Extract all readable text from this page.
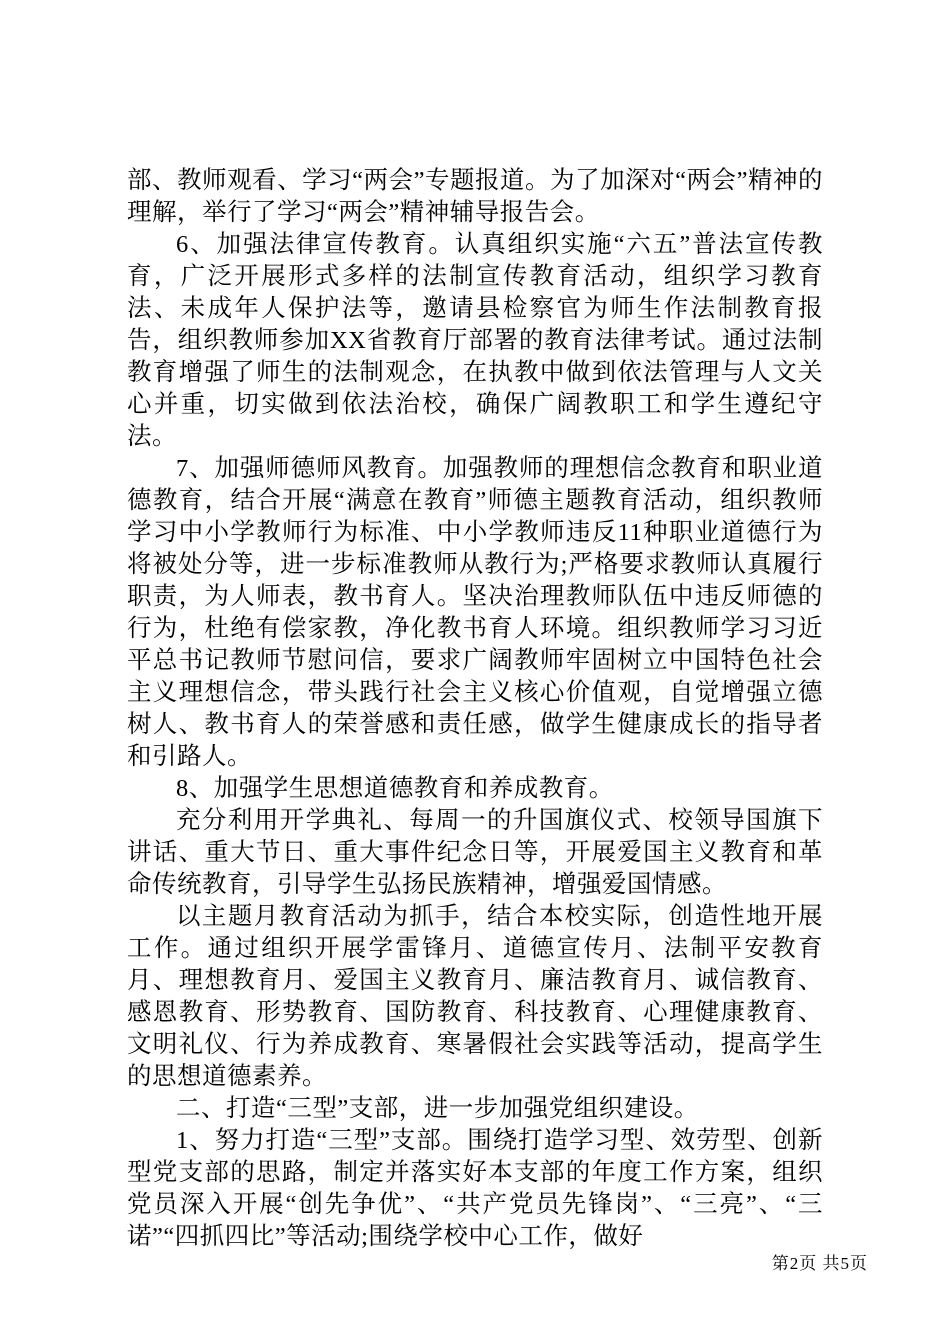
部、教师观看、学习“两会”专题报道。为了加深对“两会”精神的理解，举行了学习“两会”精神辅导报告会。

6、加强法律宣传教育。认真组织实施“六五”普法宣传教育，广泛开展形式多样的法制宣传教育活动，组织学习教育法、未成年人保护法等，邀请县检察官为师生作法制教育报告，组织教师参加XX省教育厅部署的教育法律考试。通过法制教育增强了师生的法制观念，在执教中做到依法管理与人文关心并重，切实做到依法治校，确保广阔教职工和学生遵纪守法。

7、加强师德师风教育。加强教师的理想信念教育和职业道德教育，结合开展“满意在教育”师德主题教育活动，组织教师学习中小学教师行为标准、中小学教师违反11种职业道德行为将被处分等，进一步标准教师从教行为;严格要求教师认真履行职责，为人师表，教书育人。坚决治理教师队伍中违反师德的行为，杜绝有偿家教，净化教书育人环境。组织教师学习习近平总书记教师节慰问信，要求广阔教师牢固树立中国特色社会主义理想信念，带头践行社会主义核心价值观，自觉增强立德树人、教书育人的荣誉感和责任感，做学生健康成长的指导者和引路人。

8、加强学生思想道德教育和养成教育。

充分利用开学典礼、每周一的升国旗仪式、校领导国旗下讲话、重大节日、重大事件纪念日等，开展爱国主义教育和革命传统教育，引导学生弘扬民族精神，增强爱国情感。

以主题月教育活动为抓手，结合本校实际，创造性地开展工作。通过组织开展学雷锋月、道德宣传月、法制平安教育月、理想教育月、爱国主义教育月、廉洁教育月、诚信教育、感恩教育、形势教育、国防教育、科技教育、心理健康教育、文明礼仪、行为养成教育、寒暑假社会实践等活动，提高学生的思想道德素养。

二、打造“三型”支部，进一步加强党组织建设。

1、努力打造“三型”支部。围绕打造学习型、效劳型、创新型党支部的思路，制定并落实好本支部的年度工作方案，组织党员深入开展“创先争优”、“共产党员先锋岗”、“三亮”、“三诺”“四抓四比”等活动;围绕学校中心工作，做好

第2页 共5页
